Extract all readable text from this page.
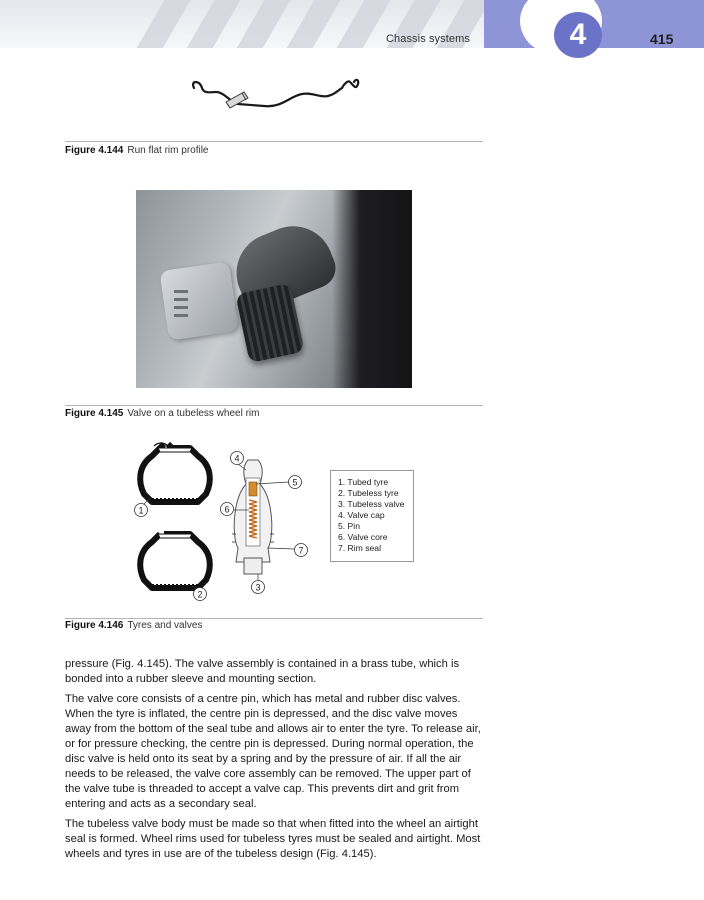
Chassis systems	4	415
Figure 4.144 Run flat rim profile
Figure 4.145 Valve on a tubeless wheel rim
1
2
3
4
5
6
7
1. Tubed tyre
2. Tubeless tyre
3. Tubeless valve
4. Valve cap
5. Pin
6. Valve core
7. Rim seal
Figure 4.146 Tyres and valves

pressure (Fig. 4.145). The valve assembly is contained in a brass tube, which is bonded into a rubber sleeve and mounting section.

The valve core consists of a centre pin, which has metal and rubber disc valves. When the tyre is inflated, the centre pin is depressed, and the disc valve moves away from the bottom of the seal tube and allows air to enter the tyre. To release air, or for pressure checking, the centre pin is depressed. During normal operation, the disc valve is held onto its seat by a spring and by the pressure of air. If all the air needs to be released, the valve core assembly can be removed. The upper part of the valve tube is threaded to accept a valve cap. This prevents dirt and grit from entering and acts as a secondary seal.

The tubeless valve body must be made so that when fitted into the wheel an airtight seal is formed. Wheel rims used for tubeless tyres must be sealed and airtight. Most wheels and tyres in use are of the tubeless design (Fig. 4.145).
